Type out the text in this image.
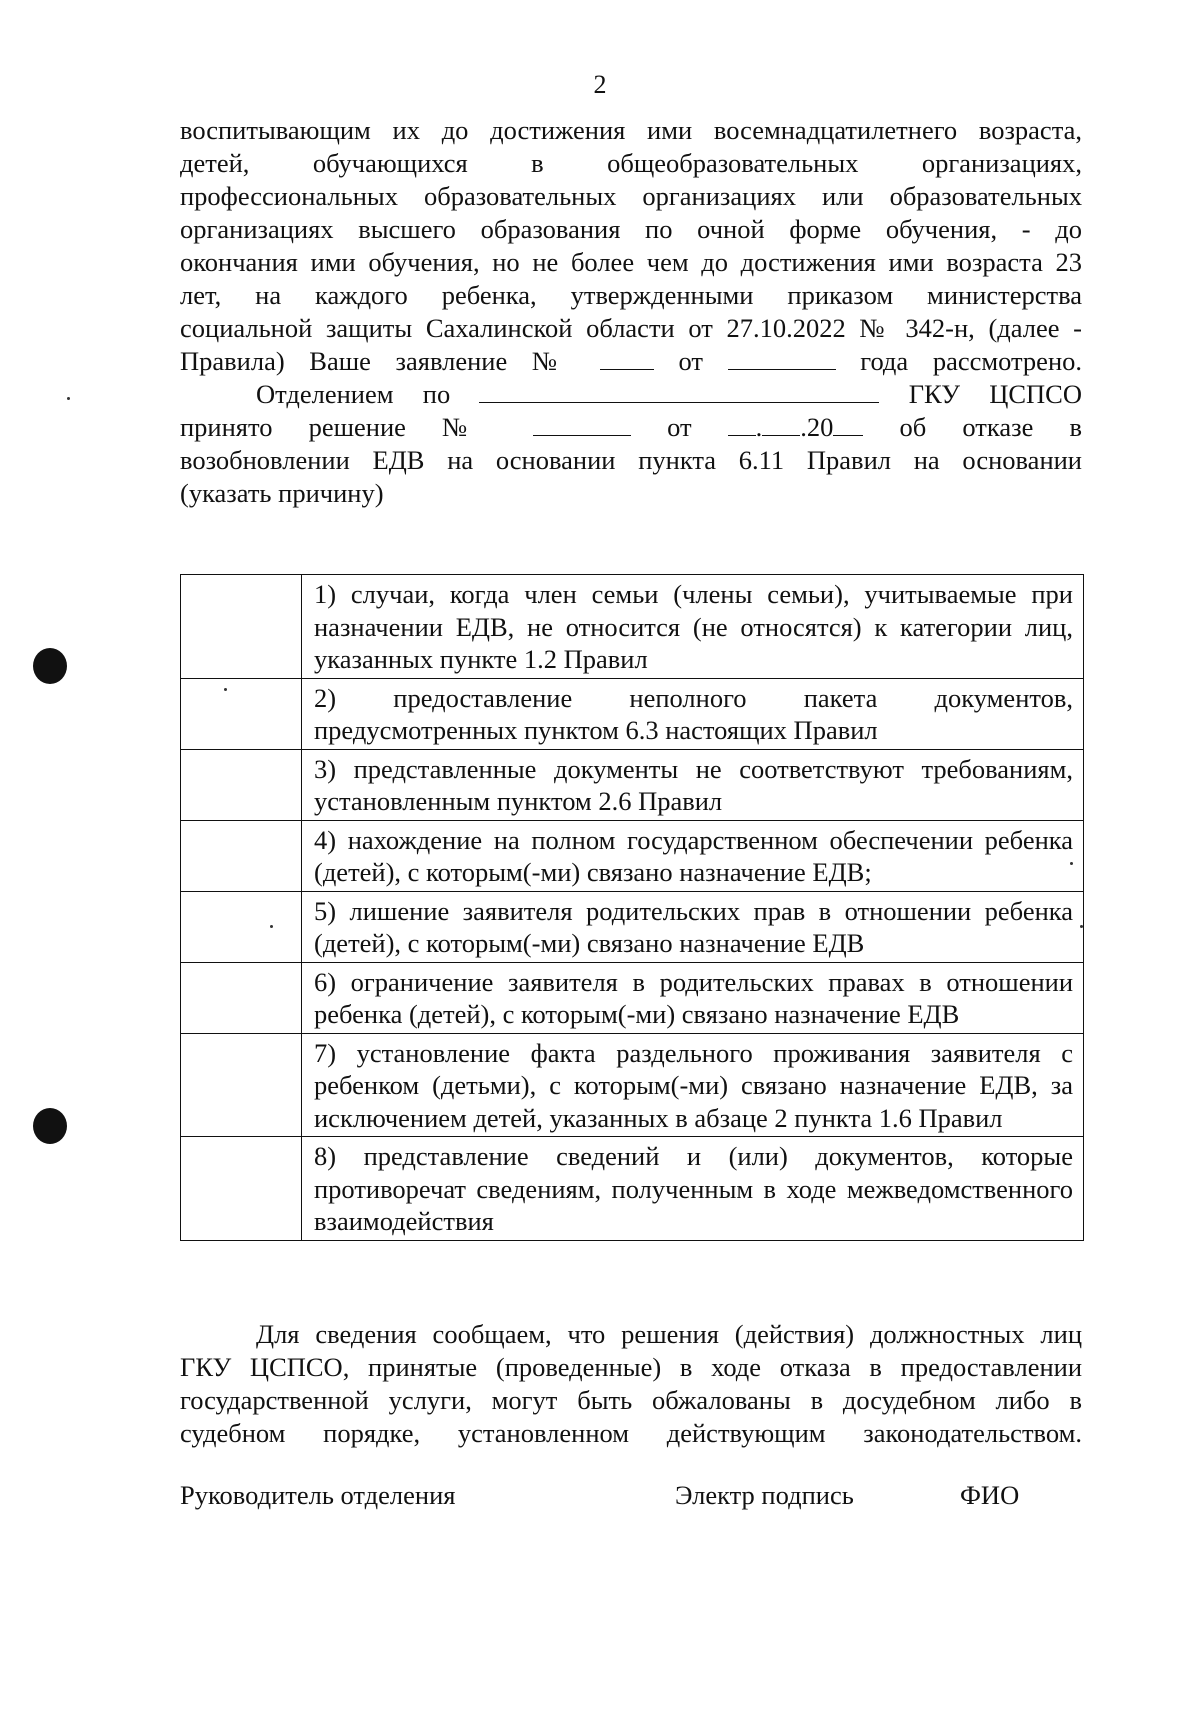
2
воспитывающим их до достижения ими восемнадцатилетнего возраста,
детей, обучающихся в общеобразовательных организациях,
профессиональных образовательных организациях или образовательных
организациях высшего образования по очной форме обучения, - до
окончания ими обучения, но не более чем до достижения ими возраста 23
лет, на каждого ребенка, утвержденными приказом министерства
социальной защиты Сахалинской области от 27.10.2022 № 342-н, (далее -
Правила) Ваше заявление №	от	года рассмотрено.
Отделением по	ГКУ ЦСПСО
принято решение №	от . .20 об отказе в
возобновлении ЕДВ на основании пункта 6.11 Правил на основании
(указать причину)
	1) случаи, когда член семьи (члены семьи), учитываемые при назначении ЕДВ, не относится (не относятся) к категории лиц, указанных пункте 1.2 Правил
	2) предоставление неполного пакета документов, предусмотренных пунктом 6.3 настоящих Правил
	3) представленные документы не соответствуют требованиям, установленным пунктом 2.6 Правил
	4) нахождение на полном государственном обеспечении ребенка (детей), с которым(-ми) связано назначение ЕДВ;
	5) лишение заявителя родительских прав в отношении ребенка (детей), с которым(-ми) связано назначение ЕДВ
	6) ограничение заявителя в родительских правах в отношении ребенка (детей), с которым(-ми) связано назначение ЕДВ
	7) установление факта раздельного проживания заявителя с ребенком (детьми), с которым(-ми) связано назначение ЕДВ, за исключением детей, указанных в абзаце 2 пункта 1.6 Правил
	8) представление сведений и (или) документов, которые противоречат сведениям, полученным в ходе межведомственного взаимодействия
Для сведения сообщаем, что решения (действия) должностных лиц
ГКУ ЦСПСО, принятые (проведенные) в ходе отказа в предоставлении
государственной услуги, могут быть обжалованы в досудебном либо в
судебном порядке, установленном действующим законодательством.
Руководитель отделения	Электр подпись	ФИО
